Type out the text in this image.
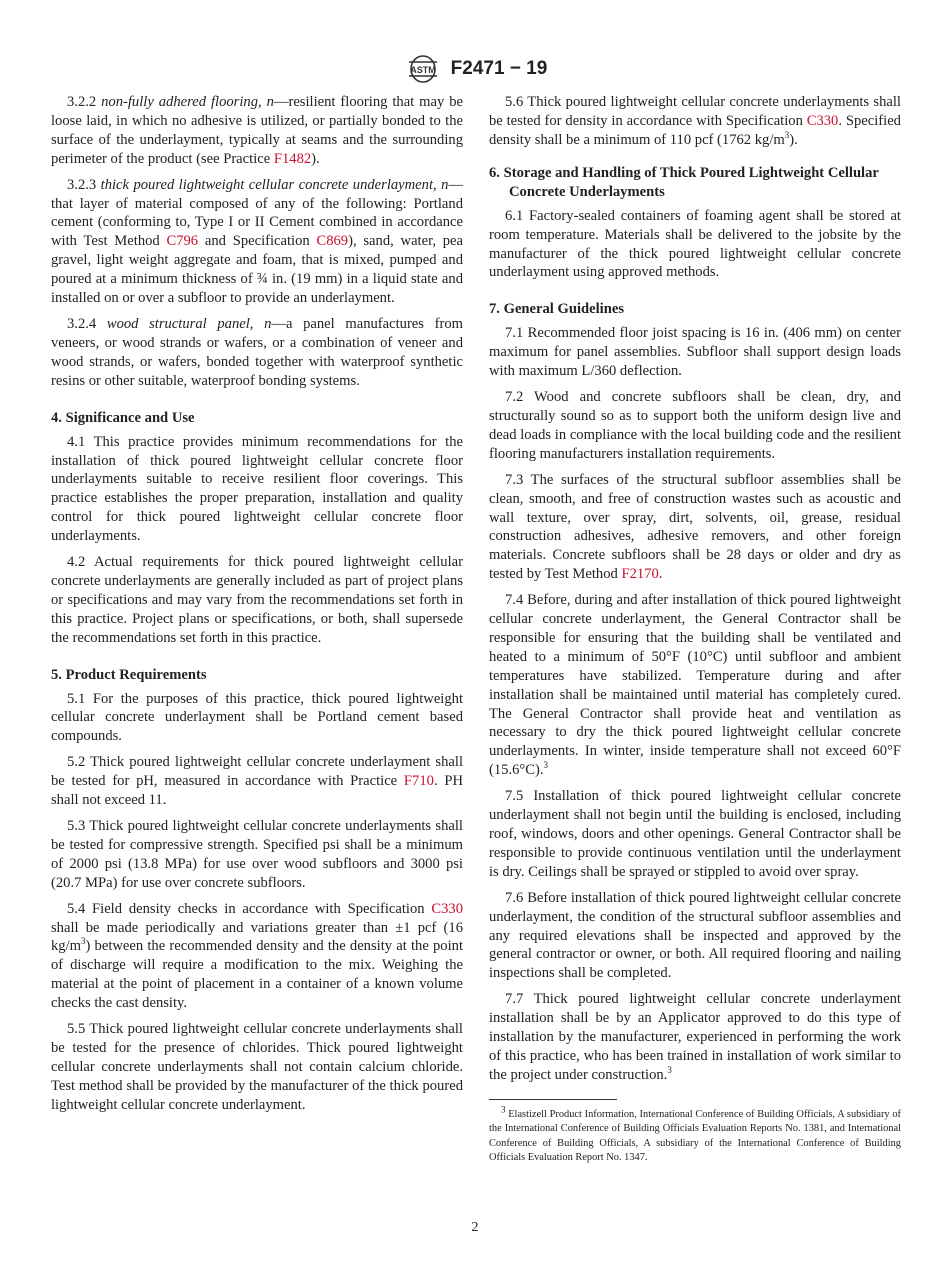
ASTM F2471 − 19

3.2.2 non-fully adhered flooring, n—resilient flooring that may be loose laid, in which no adhesive is utilized, or partially bonded to the surface of the underlayment, typically at seams and the surrounding perimeter of the product (see Practice F1482).

3.2.3 thick poured lightweight cellular concrete underlayment, n—that layer of material composed of any of the following: Portland cement (conforming to, Type I or II Cement combined in accordance with Test Method C796 and Specification C869), sand, water, pea gravel, light weight aggregate and foam, that is mixed, pumped and poured at a minimum thickness of ¾ in. (19 mm) in a liquid state and installed on or over a subfloor to provide an underlayment.

3.2.4 wood structural panel, n—a panel manufactures from veneers, or wood strands or wafers, or a combination of veneer and wood strands, or wafers, bonded together with waterproof synthetic resins or other suitable, waterproof bonding systems.

4. Significance and Use

4.1 This practice provides minimum recommendations for the installation of thick poured lightweight cellular concrete floor underlayments suitable to receive resilient floor coverings. This practice establishes the proper preparation, installation and quality control for thick poured lightweight cellular concrete floor underlayments.

4.2 Actual requirements for thick poured lightweight cellular concrete underlayments are generally included as part of project plans or specifications and may vary from the recommendations set forth in this practice. Project plans or specifications, or both, shall supersede the recommendations set forth in this practice.

5. Product Requirements

5.1 For the purposes of this practice, thick poured lightweight cellular concrete underlayment shall be Portland cement based compounds.

5.2 Thick poured lightweight cellular concrete underlayment shall be tested for pH, measured in accordance with Practice F710. PH shall not exceed 11.

5.3 Thick poured lightweight cellular concrete underlayments shall be tested for compressive strength. Specified psi shall be a minimum of 2000 psi (13.8 MPa) for use over wood subfloors and 3000 psi (20.7 MPa) for use over concrete subfloors.

5.4 Field density checks in accordance with Specification C330 shall be made periodically and variations greater than ±1 pcf (16 $kg/m^3$) between the recommended density and the density at the point of discharge will require a modification to the mix. Weighing the material at the point of placement in a container of a known volume checks the cast density.

5.5 Thick poured lightweight cellular concrete underlayments shall be tested for the presence of chlorides. Thick poured lightweight cellular concrete underlayments shall not contain calcium chloride. Test method shall be provided by the manufacturer of the thick poured lightweight cellular concrete underlayment.

5.6 Thick poured lightweight cellular concrete underlayments shall be tested for density in accordance with Specification C330. Specified density shall be a minimum of 110 pcf (1762 $kg/m^3$).

6. Storage and Handling of Thick Poured Lightweight Cellular Concrete Underlayments

6.1 Factory-sealed containers of foaming agent shall be stored at room temperature. Materials shall be delivered to the jobsite by the manufacturer of the thick poured lightweight cellular concrete underlayment using approved methods.

7. General Guidelines

7.1 Recommended floor joist spacing is 16 in. (406 mm) on center maximum for panel assemblies. Subfloor shall support design loads with maximum L/360 deflection.

7.2 Wood and concrete subfloors shall be clean, dry, and structurally sound so as to support both the uniform design live and dead loads in compliance with the local building code and the resilient flooring manufacturers installation requirements.

7.3 The surfaces of the structural subfloor assemblies shall be clean, smooth, and free of construction wastes such as acoustic and wall texture, over spray, dirt, solvents, oil, grease, residual construction adhesives, adhesive removers, and other foreign materials. Concrete subfloors shall be 28 days or older and dry as tested by Test Method F2170.

7.4 Before, during and after installation of thick poured lightweight cellular concrete underlayment, the General Contractor shall be responsible for ensuring that the building shall be ventilated and heated to a minimum of 50°F (10°C) until subfloor and ambient temperatures have stabilized. Temperature during and after installation shall be maintained until material has completely cured. The General Contractor shall provide heat and ventilation as necessary to dry the thick poured lightweight cellular concrete underlayments. In winter, inside temperature shall not exceed 60°F (15.6°C).$^3$

7.5 Installation of thick poured lightweight cellular concrete underlayment shall not begin until the building is enclosed, including roof, windows, doors and other openings. General Contractor shall be responsible to provide continuous ventilation until the underlayment is dry. Ceilings shall be sprayed or stippled to avoid over spray.

7.6 Before installation of thick poured lightweight cellular concrete underlayment, the condition of the structural subfloor assemblies and any required elevations shall be inspected and approved by the general contractor or owner, or both. All required flooring and nailing inspections shall be completed.

7.7 Thick poured lightweight cellular concrete underlayment installation shall be by an Applicator approved to do this type of installation by the manufacturer, experienced in performing the work of this practice, who has been trained in installation of work similar to the project under construction.$^3$

$^3$ Elastizell Product Information, International Conference of Building Officials, A subsidiary of the International Conference of Building Officials Evaluation Reports No. 1381, and International Conference of Building Officials, A subsidiary of the International Conference of Building Officials Evaluation Report No. 1347.

2
